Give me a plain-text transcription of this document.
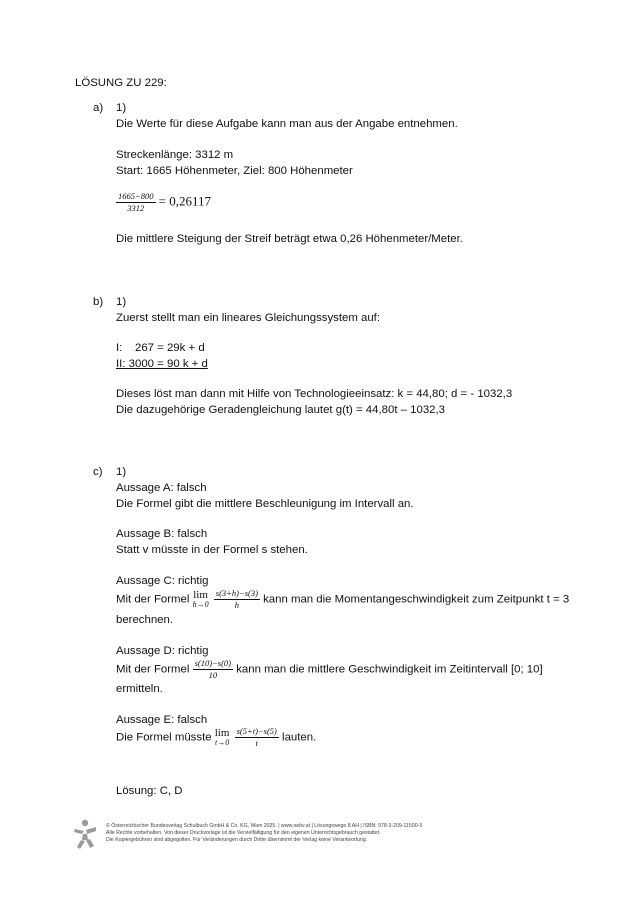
LÖSUNG ZU 229:
a) 1)
Die Werte für diese Aufgabe kann man aus der Angabe entnehmen.
Streckenlänge: 3312 m
Start: 1665 Höhenmeter, Ziel: 800 Höhenmeter
$\frac{1665-800}{3312} = 0,26117$
Die mittlere Steigung der Streif beträgt etwa 0,26 Höhenmeter/Meter.
b) 1)
Zuerst stellt man ein lineares Gleichungssystem auf:
I:    267 = 29k + d
II: 3000 = 90 k + d
Dieses löst man dann mit Hilfe von Technologieeinsatz: k = 44,80; d = - 1032,3
Die dazugehörige Geradengleichung lautet g(t) = 44,80t – 1032,3
c) 1)
Aussage A: falsch
Die Formel gibt die mittlere Beschleunigung im Intervall an.
Aussage B: falsch
Statt v müsste in der Formel s stehen.
Aussage C: richtig
Mit der Formel lim
h→0
$\frac{s(3+h)-s(3)}{h}$ kann man die Momentangeschwindigkeit zum Zeitpunkt t = 3
berechnen.
Aussage D: richtig
Mit der Formel $\frac{s(10)-s(0)}{10}$ kann man die mittlere Geschwindigkeit im Zeitintervall [0; 10]
ermitteln.
Aussage E: falsch
Die Formel müsste lim
t→0
$\frac{s(5+t)-s(5)}{t}$ lauten.
Lösung: C, D
© Österreichischer Bundesverlag Schulbuch GmbH & Co. KG, Wien 2025. | www.oebv.at | Lösungswege 8 AH | ISBN: 978-3-209-11500-3
Alle Rechte vorbehalten. Von dieser Druckvorlage ist die Vervielfältigung für den eigenen Unterrichtsgebrauch gestattet.
Die Kopiergebühren sind abgegolten. Für Veränderungen durch Dritte übernimmt der Verlag keine Verantwortung.
